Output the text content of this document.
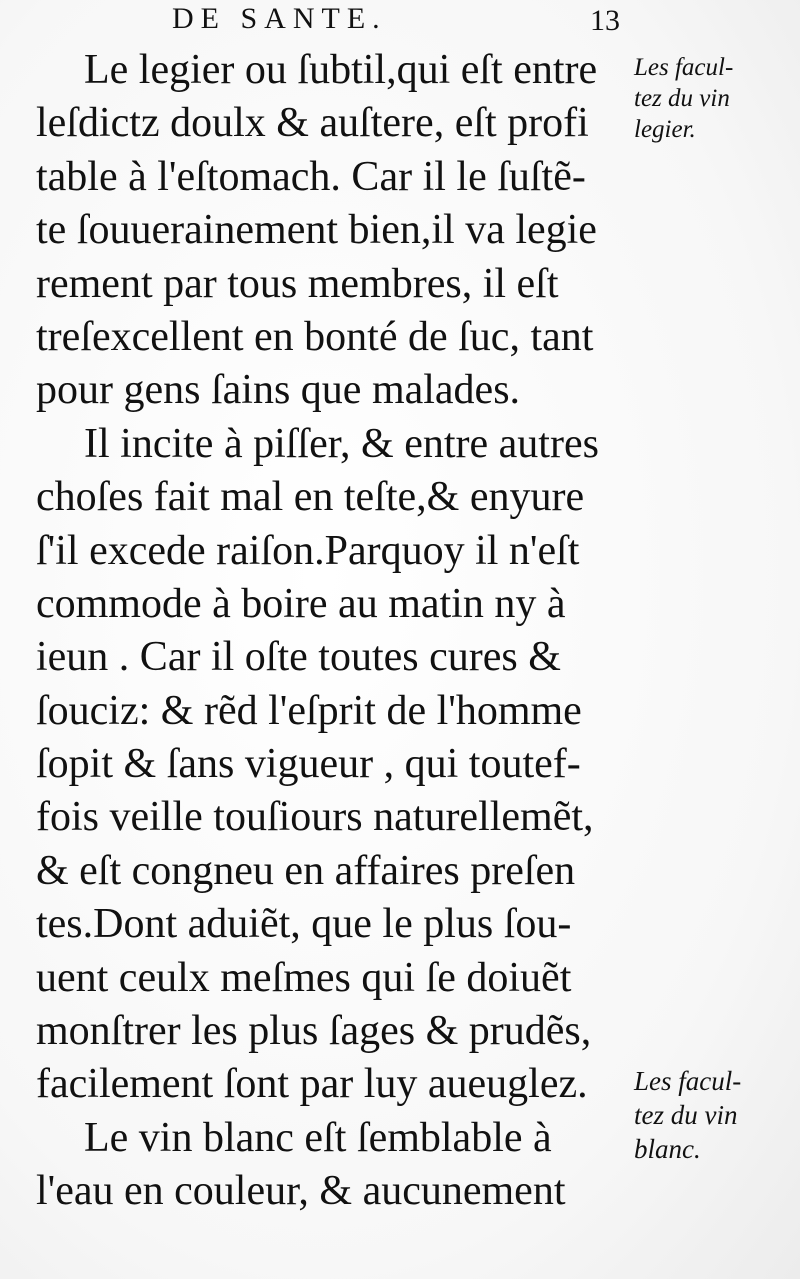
DE SANTE.	13
Le legier ou ſubtil,qui eſt entre
leſdictz doulx & auſtere, eſt profi
table à l'eſtomach. Car il le ſuſtẽ-
te ſouuerainement bien,il va legie
rement par tous membres, il eſt
treſexcellent en bonté de ſuc, tant
pour gens ſains que malades.
Il incite à piſſer, & entre autres
choſes fait mal en teſte,& enyure
ſ'il excede raiſon.Parquoy il n'eſt
commode à boire au matin ny à
ieun . Car il oſte toutes cures &
ſouciz: & rẽd l'eſprit de l'homme
ſopit & ſans vigueur , qui toutef-
fois veille touſiours naturellemẽt,
& eſt congneu en affaires preſen
tes.Dont aduiẽt, que le plus ſou-
uent ceulx meſmes qui ſe doiuẽt
monſtrer les plus ſages & prudẽs,
facilement ſont par luy aueuglez.
Le vin blanc eſt ſemblable à
l'eau en couleur, & aucunement
Les facul-
tez du vin
legier.
Les facul-
tez du vin
blanc.
